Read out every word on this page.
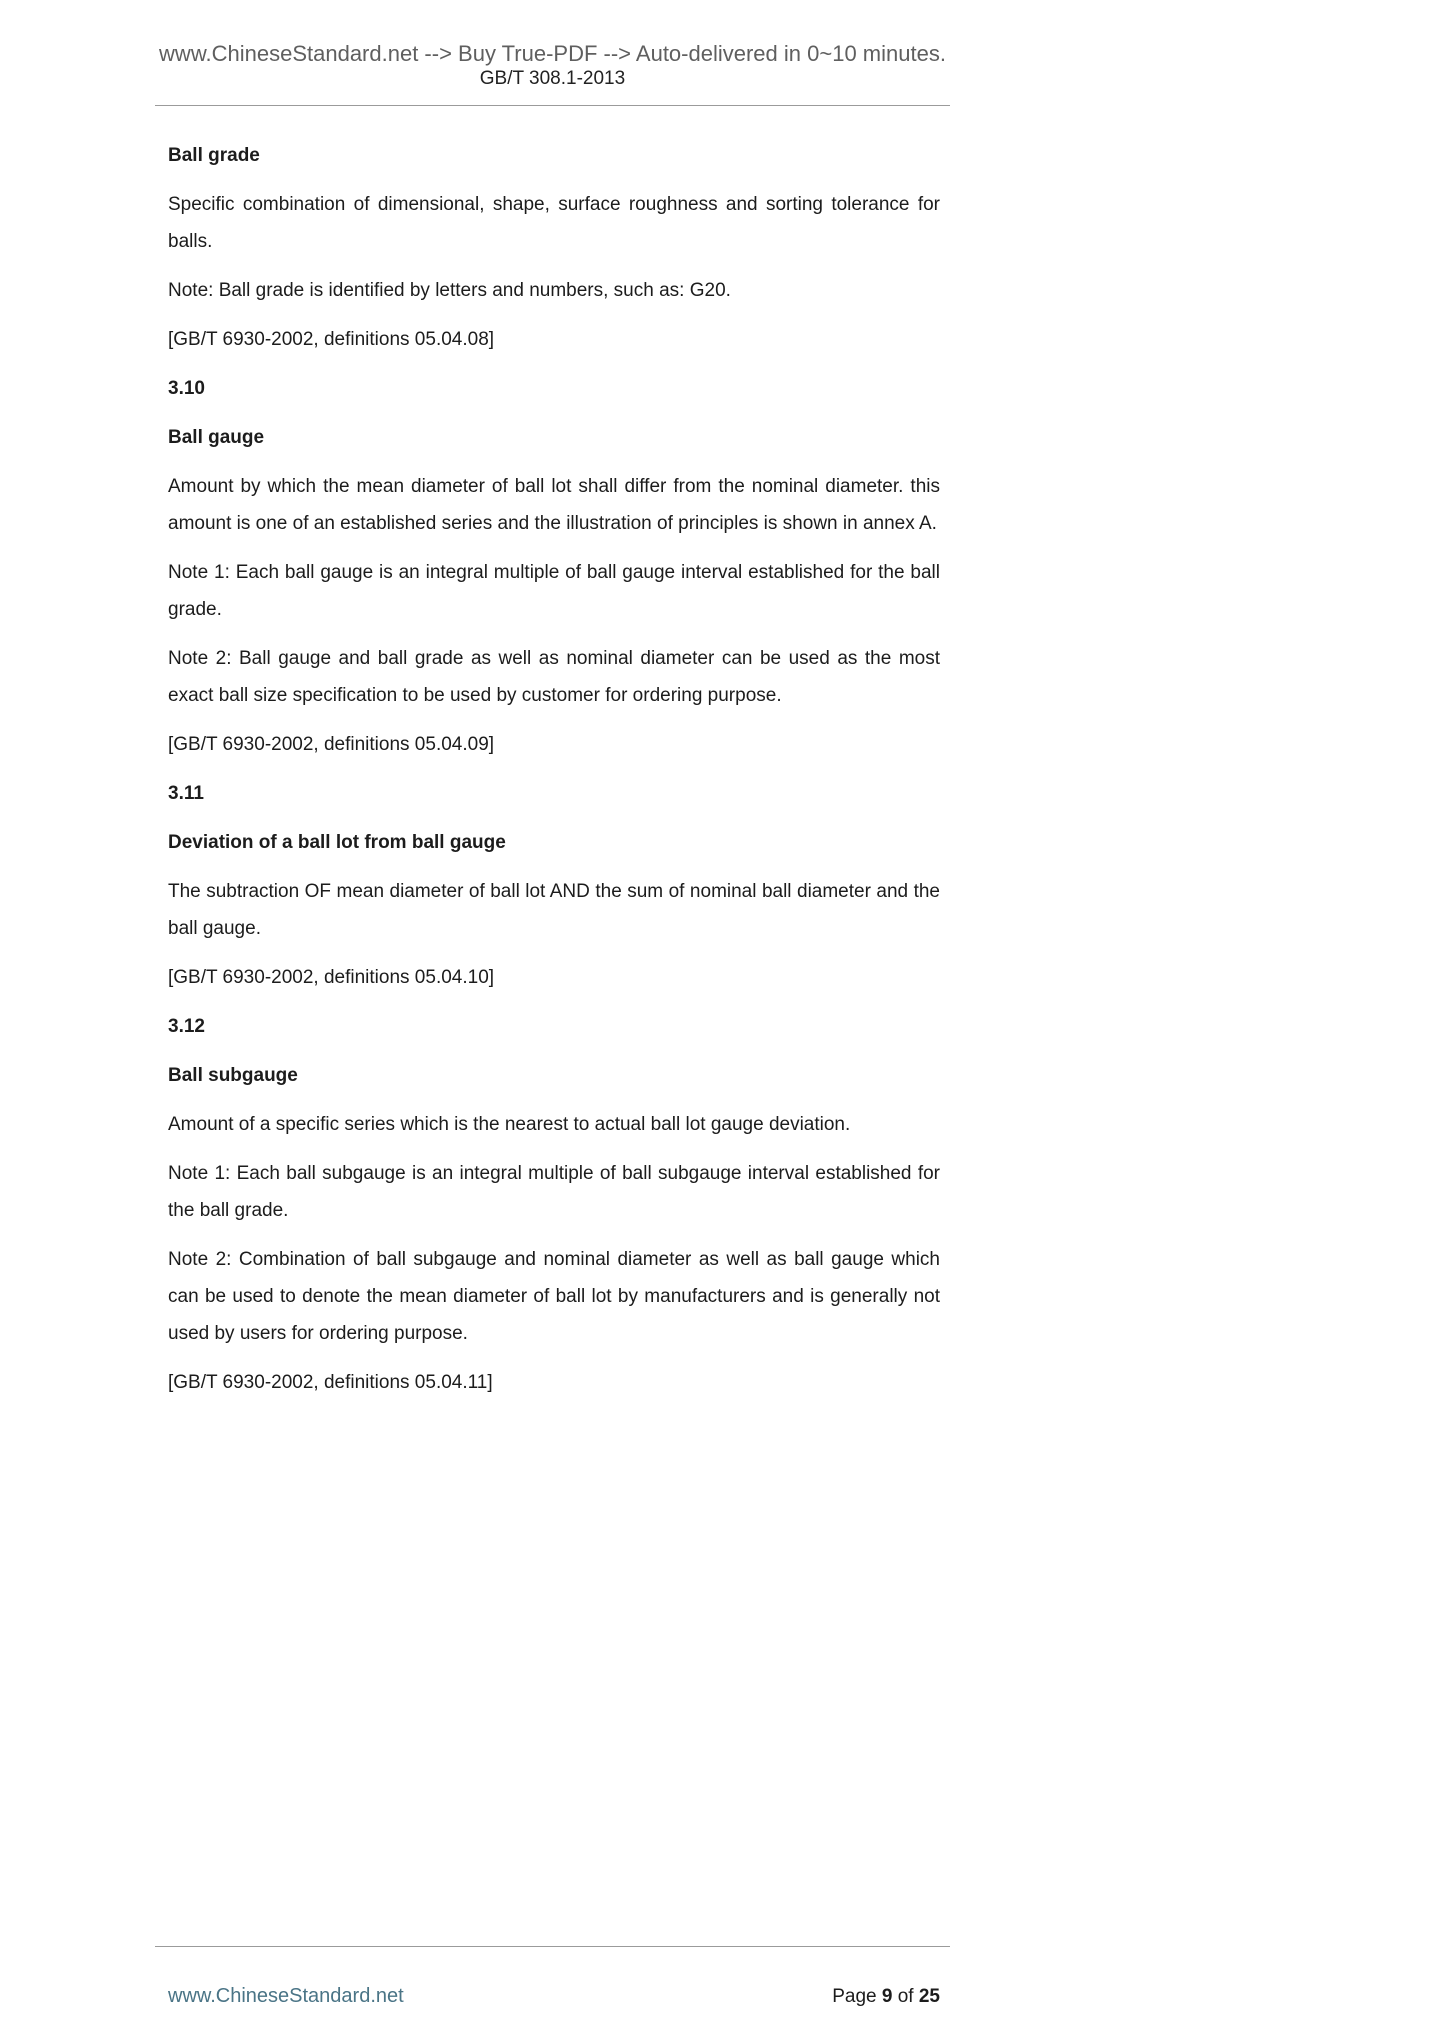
www.ChineseStandard.net --> Buy True-PDF --> Auto-delivered in 0~10 minutes.
GB/T 308.1-2013
Ball grade
Specific combination of dimensional, shape, surface roughness and sorting tolerance for balls.
Note: Ball grade is identified by letters and numbers, such as: G20.
[GB/T 6930-2002, definitions 05.04.08]
3.10
Ball gauge
Amount by which the mean diameter of ball lot shall differ from the nominal diameter. this amount is one of an established series and the illustration of principles is shown in annex A.
Note 1: Each ball gauge is an integral multiple of ball gauge interval established for the ball grade.
Note 2: Ball gauge and ball grade as well as nominal diameter can be used as the most exact ball size specification to be used by customer for ordering purpose.
[GB/T 6930-2002, definitions 05.04.09]
3.11
Deviation of a ball lot from ball gauge
The subtraction OF mean diameter of ball lot AND the sum of nominal ball diameter and the ball gauge.
[GB/T 6930-2002, definitions 05.04.10]
3.12
Ball subgauge
Amount of a specific series which is the nearest to actual ball lot gauge deviation.
Note 1: Each ball subgauge is an integral multiple of ball subgauge interval established for the ball grade.
Note 2: Combination of ball subgauge and nominal diameter as well as ball gauge which can be used to denote the mean diameter of ball lot by manufacturers and is generally not used by users for ordering purpose.
[GB/T 6930-2002, definitions 05.04.11]
www.ChineseStandard.net	Page 9 of 25
